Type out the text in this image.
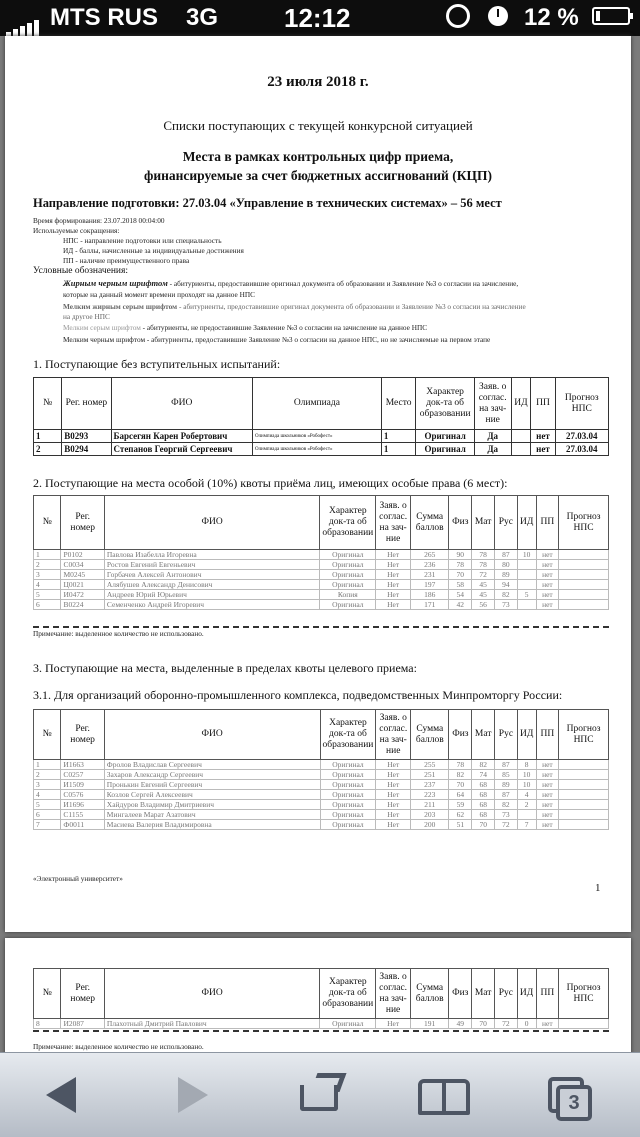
MTS RUS 3G	12:12	12 %
23 июля 2018 г.
Списки поступающих с текущей конкурсной ситуацией
Места в рамках контрольных цифр приема,
финансируемые за счет бюджетных ассигнований (КЦП)
Направление подготовки: 27.03.04 «Управление в технических системах» – 56 мест
Время формирования: 23.07.2018 00:04:00
Используемые сокращения:
НПС - направление подготовки или специальность
ИД - баллы, начисленные за индивидуальные достижения
ПП - наличие преимущественного права
Условные обозначения:
Жирным черным шрифтом - абитуриенты, предоставившие оригинал документа об образовании и Заявление №3 о согласии на зачисление,
которые на данный момент времени проходят на данное НПС
Мелким жирным серым шрифтом - абитуриенты, предоставившие оригинал документа об образовании и Заявление №3 о согласии на зачисление
на другое НПС
Мелким серым шрифтом - абитуриенты, не предоставившие Заявление №3 о согласии на зачисление на данное НПС
Мелким черным шрифтом - абитуриенты, предоставившие Заявление №3 о согласии на данное НПС, но не зачисляемые на первом этапе
1. Поступающие без вступительных испытаний:
№	Рег. номер	ФИО	Олимпиада	Место	Характер док-та об образовании	Заяв. о соглас. на зач-ние	ИД	ПП	Прогноз НПС
1	В0293	Барсегян Карен Робертович	Олимпиада школьников «Робофест»	1	Оригинал	Да		нет	27.03.04
2	В0294	Степанов Георгий Сергеевич	Олимпиада школьников «Робофест»	1	Оригинал	Да		нет	27.03.04
2. Поступающие на места особой (10%) квоты приёма лиц, имеющих особые права (6 мест):
№	Рег. номер	ФИО	Характер док-та об образовании	Заяв. о соглас. на зач-ние	Сумма баллов	Физ	Мат	Рус	ИД	ПП	Прогноз НПС
1	Р0102	Павлова Изабелла Игоревна	Оригинал	Нет	265	90	78	87	10	нет	
2	С0034	Ростов Евгений Евгеньевич	Оригинал	Нет	236	78	78	80		нет	
3	М0245	Горбачев Алексей Антонович	Оригинал	Нет	231	70	72	89		нет	
4	Ц0021	Алябушев Александр Денисович	Оригинал	Нет	197	58	45	94		нет	
5	И0472	Андреев Юрий Юрьевич	Копия	Нет	186	54	45	82	5	нет	
6	В0224	Семенченко Андрей Игоревич	Оригинал	Нет	171	42	56	73		нет	
Примечание: выделенное количество не использовано.
3. Поступающие на места, выделенные в пределах квоты целевого приема:
3.1. Для организаций оборонно-промышленного комплекса, подведомственных Минпромторгу России:
№	Рег. номер	ФИО	Характер док-та об образовании	Заяв. о соглас. на зач-ние	Сумма баллов	Физ	Мат	Рус	ИД	ПП	Прогноз НПС
1	И1663	Фролов Владислав Сергеевич	Оригинал	Нет	255	78	82	87	8	нет	
2	С0257	Захаров Александр Сергеевич	Оригинал	Нет	251	82	74	85	10	нет	
3	И1509	Пронькин Евгений Сергеевич	Оригинал	Нет	237	70	68	89	10	нет	
4	С0576	Козлов Сергей Алексеевич	Оригинал	Нет	223	64	68	87	4	нет	
5	И1696	Хайдуров Владимир Дмитриевич	Оригинал	Нет	211	59	68	82	2	нет	
6	С1155	Мингалеев Марат Азатович	Оригинал	Нет	203	62	68	73		нет	
7	Ф0011	Масиева Валерия Владимировна	Оригинал	Нет	200	51	70	72	7	нет	
«Электронный университет»
1
№	Рег. номер	ФИО	Характер док-та об образовании	Заяв. о соглас. на зач-ние	Сумма баллов	Физ	Мат	Рус	ИД	ПП	Прогноз НПС
8	И2087	Плахотный Дмитрий Павлович	Оригинал	Нет	191	49	70	72	0	нет	
Примечание: выделенное количество не использовано.
3
